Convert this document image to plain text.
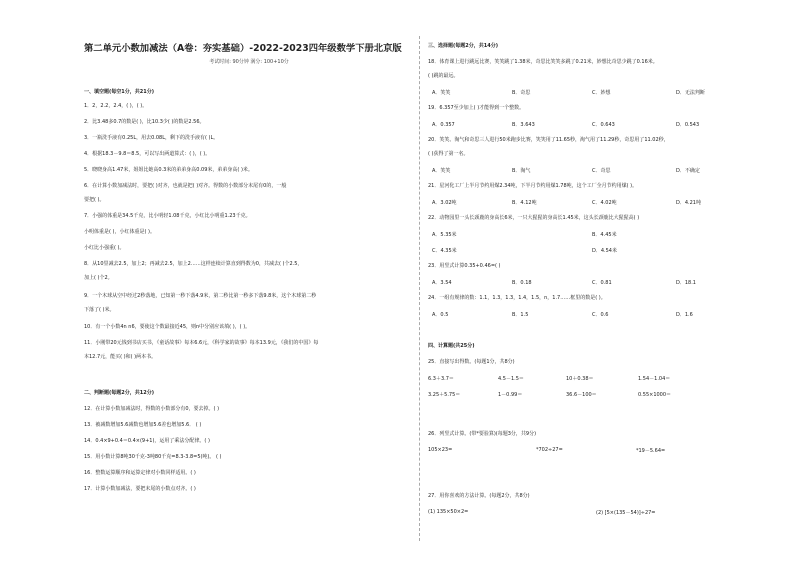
第二单元小数加减法（A卷：夯实基础）-2022-2023四年级数学下册北京版
考试时间: 90分钟 满分: 100+10分
一、填空题(每空1分，共21分)
1．2，2.2，2.4，( )，( )。
2．比3.48多0.7的数是( )，比10.3少( )的数是2.56。
3．一瓶洗手液有0.25L，用去0.08L，剩下的洗手液有( )L。
4．根据18.3－9.8＝8.5，可以写出两道算式：( )，( )。
5．晓晓身高1.47米，姐姐比她高0.3米的弟弟身高0.09米，弟弟身高( )米。
6．在计算小数加减法时，要把( )对齐，也就是把( )对齐。得数的小数部分末尾有0的，一般
要把( )。
7．小强的体重是34.5千克，比小明轻1.08千克，小红比小明重1.23千克。
小明体重是( )，小红体重是( )。
小红比小强重( )。
8．从10里减去2.5，加上2；再减去2.5，加上2……这样连续计算直到得数为0，共减去( )个2.5，
加上( )个2。
9．一个木球从空中经过2秒落地，已知第一秒下落4.9米，第二秒比第一秒多下落9.8米，这个木球第二秒
下落了( )米。
10．有一个小数4n n6，要使这个数最接近45，则n中分别应该填( )，( )。
11．小刚带20元钱到书店买书，《童话故事》每本6.6元，《科学家的故事》每本13.9元，《我们的中国》每
本12.7元，能买( )和( )两本书。
二、判断题(每题2分，共12分)
12．在计算小数加减法时，得数的小数部分有0，要去掉。( )
13．被减数增加5.6减数也增加5.6差也增加5.6． ( )
14．0.4×9+0.4＝0.4×(9+1)，运用了乘法分配律。( )
15．用小数计算8吨30千克-3吨80千克=8.3-3.8=5(吨)。 ( )
16．整数运算顺序和运算定律对小数同样适用。( )
17．计算小数加减法，要把末尾的小数点对齐。( )
三、选择题(每题2分，共14分)
18．体育课上进行跳远比赛，笑笑跳了1.38米，奇思比笑笑多跳了0.21米，妙想比奇思少跳了0.16米。
( )跳的最远。
A．笑笑	B．奇思	C．妙想	D．无法判断
19．6.357至少加上( )才能得到一个整数。
A．0.357	B．3.643	C．0.643	D．0.543
20．笑笑、淘气和奇思三人进行50米跑步比赛，笑笑用了11.65秒，淘气用了11.29秒，奇思用了11.02秒，
( )获得了第一名。
A．笑笑	B．淘气	C．奇思	D．不确定
21．星河化工厂上半月节约用煤2.34吨，下半月节约用煤1.78吨，这个工厂全月节约用煤( )。
A．3.02吨	B．4.12吨	C．4.02吨	D．4.21吨
22．动物园里一头长颈鹿的身高长6米，一只大猩猩的身高长1.45米，这头长颈鹿比大猩猩高( )
A．5.35米	B．4.45米
C．4.35米	D．4.54米
23．用竖式计算0.35+0.46=( )
A．3.54	B．0.18	C．0.81	D．18.1
24．一组有规律的数：1.1，1.3，1.3，1.4，1.5，n，1.7……框里的数是( )。
A．0.5	B．1.5	C．0.6	D．1.6
四、计算题(共25分)
25．直接写出得数。(每题1分，共8分)
6.3＋3.7＝	4.5－1.5＝	10＋0.38＝	1.54－1.04＝
3.25＋5.75＝	1－0.99＝	36.6－100＝	0.55×1000＝
26．列竖式计算。(带*要验算)(每题3分，共9分)
105×23=	*702÷27=	*19－5.64=
27．用你喜欢的方法计算。(每题2分，共8分)
(1) 135×50×2=	(2) [5×(135－54)]÷27=
